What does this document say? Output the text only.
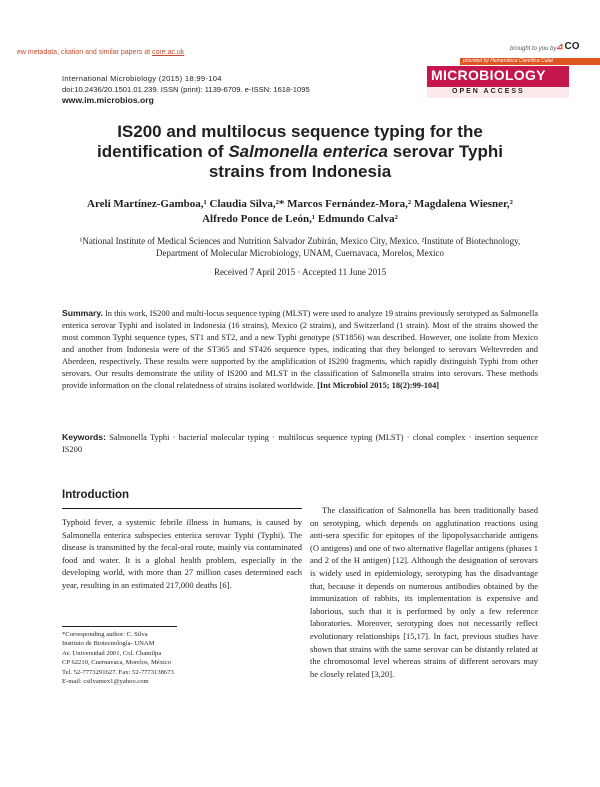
ew metadata, citation and similar papers at core.ac.uk	brought to you by ⊿CO
provided by Hemeroteca Científica Catal
International Microbiology (2015) 18:99-104
doi:10.2436/20.1501.01.239. ISSN (print): 1139-6709. e-ISSN: 1618-1095
www.im.microbios.org
MICROBIOLOGY
OPEN ACCESS
IS200 and multilocus sequence typing for the
identification of Salmonella enterica serovar Typhi
strains from Indonesia
Areli Martínez-Gamboa,¹ Claudia Silva,²* Marcos Fernández-Mora,² Magdalena Wiesner,²
Alfredo Ponce de León,¹ Edmundo Calva²
¹National Institute of Medical Sciences and Nutrition Salvador Zubirán, Mexico City, Mexico. ²Institute of Biotechnology,
Department of Molecular Microbiology, UNAM, Cuernavaca, Morelos, Mexico
Received 7 April 2015 · Accepted 11 June 2015
Summary. In this work, IS200 and multi-locus sequence typing (MLST) were used to analyze 19 strains previously serotyped as Salmonella enterica serovar Typhi and isolated in Indonesia (16 strains), Mexico (2 strains), and Switzerland (1 strain). Most of the strains showed the most common Typhi sequence types, ST1 and ST2, and a new Typhi genotype (ST1856) was described. However, one isolate from Mexico and another from Indonesia were of the ST365 and ST426 sequence types, indicating that they belonged to serovars Weltevreden and Aberdeen, respectively. These results were supported by the amplification of IS200 fragments, which rapidly distinguish Typhi from other serovars. Our results demonstrate the utility of IS200 and MLST in the classification of Salmonella strains into serovars. These methods provide information on the clonal relatedness of strains isolated worldwide. [Int Microbiol 2015; 18(2):99-104]
Keywords: Salmonella Typhi · bacterial molecular typing · multilocus sequence typing (MLST) · clonal complex · insertion sequence IS200
Introduction
Typhoid fever, a systemic febrile illness in humans, is caused by Salmonella enterica subspecies enterica serovar Typhi (Typhi). The disease is transmitted by the fecal-oral route, mainly via contaminated food and water. It is a global health problem, especially in the developing world, with more than 27 million cases determined each year, resulting in an estimated 217,000 deaths [6].
The classification of Salmonella has been traditionally based on serotyping, which depends on agglutination reactions using anti-sera specific for epitopes of the lipopolysaccharide antigens (O antigens) and one of two alternative flagellar antigens (phases 1 and 2 of the H antigen) [12]. Although the designation of serovars is widely used in epidemiology, serotyping has the disadvantage that, because it depends on numerous antibodies obtained by the immunization of rabbits, its implementation is expensive and laborious, such that it is performed by only a few reference laboratories. Moreover, serotyping does not necessarily reflect evolutionary relationships [15,17]. In fact, previous studies have shown that strains with the same serovar can be distantly related at the chromosomal level whereas strains of different serovars may be closely related [3,20].
*Corresponding author: C. Silva
Instituto de Biotecnología- UNAM
Av. Universidad 2001, Col. Chamilpa
CP 62210, Cuernavaca, Morelos, México
Tel. 52-7773291627. Fax: 52-7773138673
E-mail: csilvamex1@yahoo.com
